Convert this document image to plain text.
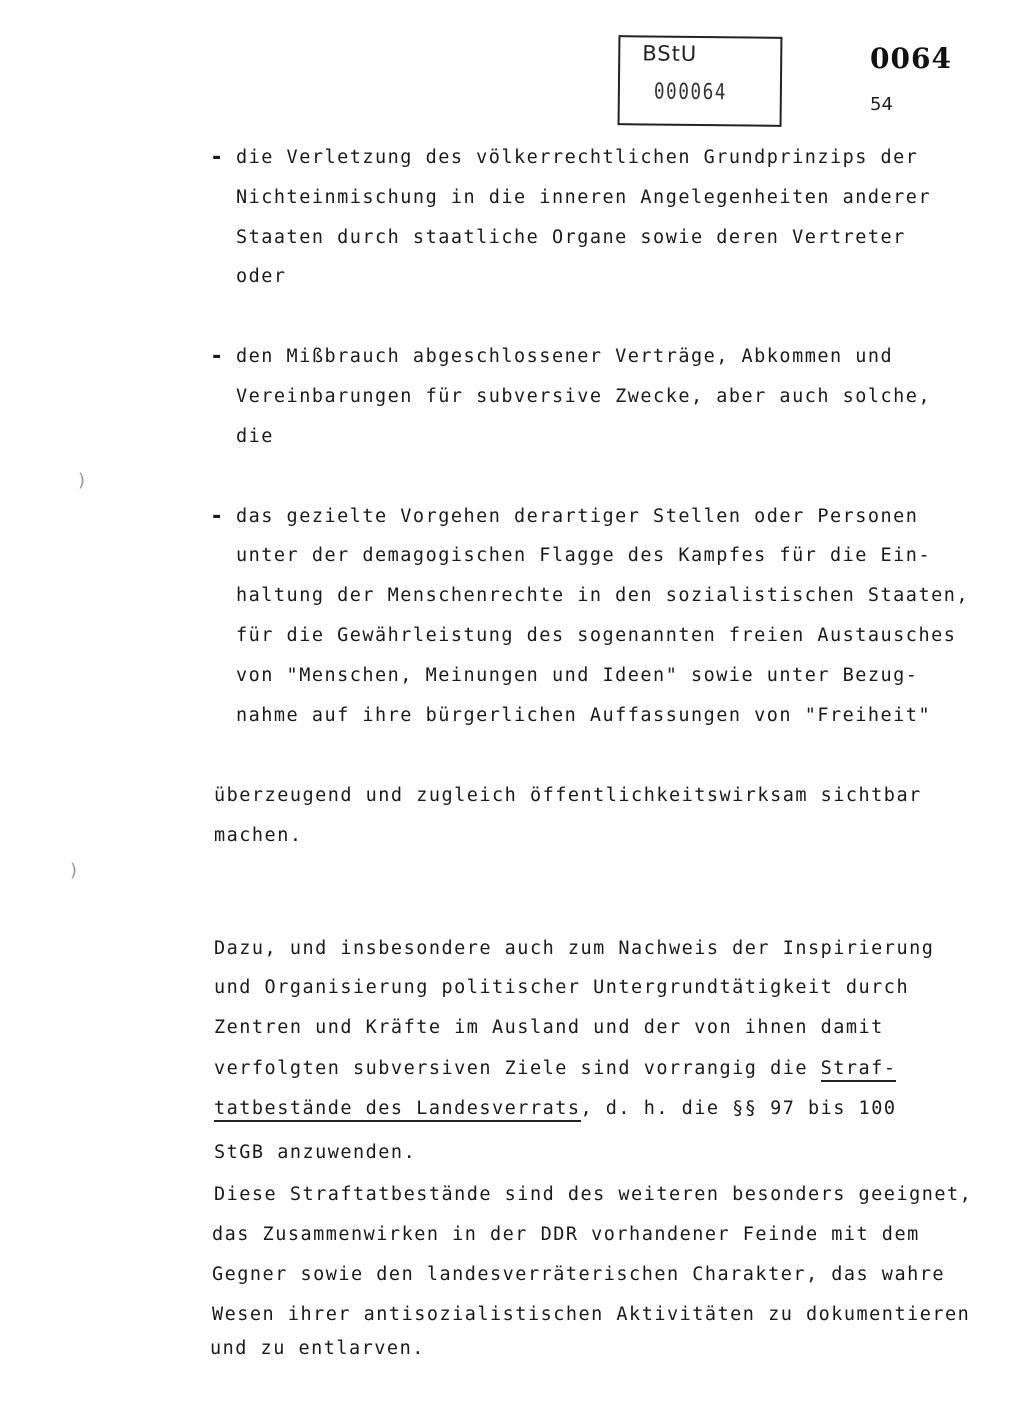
BStU
000064
0064
54
- die Verletzung des völkerrechtlichen Grundprinzips der
Nichteinmischung in die inneren Angelegenheiten anderer
Staaten durch staatliche Organe sowie deren Vertreter
oder
- den Mißbrauch abgeschlossener Verträge, Abkommen und
Vereinbarungen für subversive Zwecke, aber auch solche,
die
)
- das gezielte Vorgehen derartiger Stellen oder Personen
unter der demagogischen Flagge des Kampfes für die Ein-
haltung der Menschenrechte in den sozialistischen Staaten,
für die Gewährleistung des sogenannten freien Austausches
von "Menschen, Meinungen und Ideen" sowie unter Bezug-
nahme auf ihre bürgerlichen Auffassungen von "Freiheit"
überzeugend und zugleich öffentlichkeitswirksam sichtbar
machen.
)
Dazu, und insbesondere auch zum Nachweis der Inspirierung
und Organisierung politischer Untergrundtätigkeit durch
Zentren und Kräfte im Ausland und der von ihnen damit
verfolgten subversiven Ziele sind vorrangig die Straf-
tatbestände des Landesverrats, d. h. die §§ 97 bis 100
StGB anzuwenden.
Diese Straftatbestände sind des weiteren besonders geeignet,
das Zusammenwirken in der DDR vorhandener Feinde mit dem
Gegner sowie den landesverräterischen Charakter, das wahre
Wesen ihrer antisozialistischen Aktivitäten zu dokumentieren
und zu entlarven.
